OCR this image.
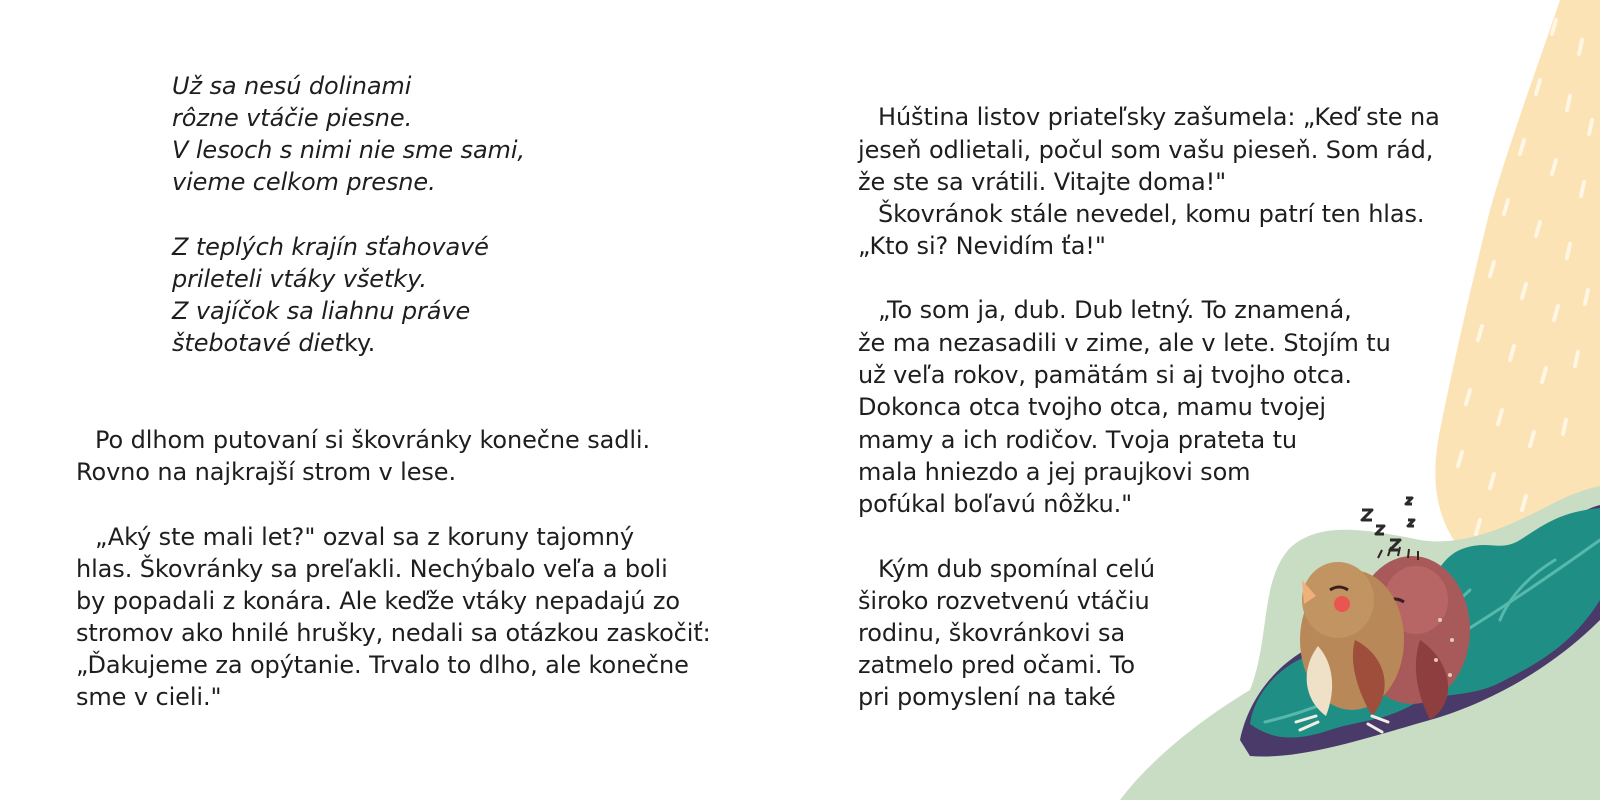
Už sa nesú dolinami
rôzne vtáčie piesne.
V lesoch s nimi nie sme sami,
vieme celkom presne.
Z teplých krajín sťahovavé
prileteli vtáky všetky.
Z vajíčok sa liahnu práve
štebotavé dietky.
Po dlhom putovaní si škovránky konečne sadli.
Rovno na najkrajší strom v lese.
„Aký ste mali let?" ozval sa z koruny tajomný
hlas. Škovránky sa preľakli. Nechýbalo veľa a boli
by popadali z konára. Ale keďže vtáky nepadajú zo
stromov ako hnilé hrušky, nedali sa otázkou zaskočiť:
„Ďakujeme za opýtanie. Trvalo to dlho, ale konečne
sme v cieli."
Húština listov priateľsky zašumela: „Keď ste na
jeseň odlietali, počul som vašu pieseň. Som rád,
že ste sa vrátili. Vitajte doma!"
Škovránok stále nevedel, komu patrí ten hlas.
„Kto si? Nevidím ťa!"
„To som ja, dub. Dub letný. To znamená,
že ma nezasadili v zime, ale v lete. Stojím tu
už veľa rokov, pamätám si aj tvojho otca.
Dokonca otca tvojho otca, mamu tvojej
mamy a ich rodičov. Tvoja prateta tu
mala hniezdo a jej praujkovi som
pofúkal boľavú nôžku."
Kým dub spomínal celú
široko rozvetvenú vtáčiu
rodinu, škovránkovi sa
zatmelo pred očami. To
pri pomyslení na také
